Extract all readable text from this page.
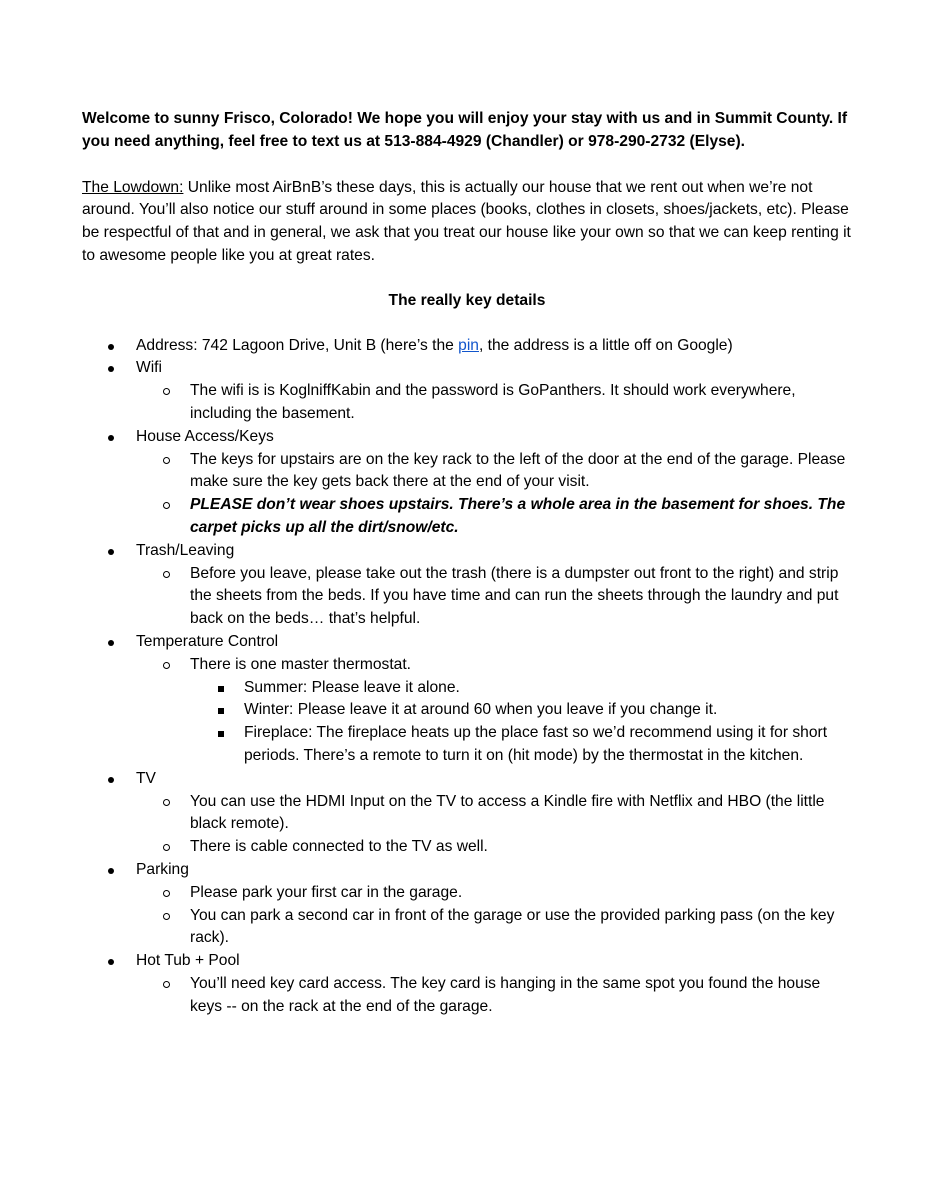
Welcome to sunny Frisco, Colorado! We hope you will enjoy your stay with us and in Summit County. If you need anything, feel free to text us at 513-884-4929 (Chandler) or 978-290-2732 (Elyse).

The Lowdown: Unlike most AirBnB’s these days, this is actually our house that we rent out when we’re not around. You’ll also notice our stuff around in some places (books, clothes in closets, shoes/jackets, etc). Please be respectful of that and in general, we ask that you treat our house like your own so that we can keep renting it to awesome people like you at great rates.

The really key details

Address: 742 Lagoon Drive, Unit B (here’s the pin, the address is a little off on Google)
Wifi
The wifi is is KoglniffKabin and the password is GoPanthers. It should work everywhere, including the basement.
House Access/Keys
The keys for upstairs are on the key rack to the left of the door at the end of the garage. Please make sure the key gets back there at the end of your visit.
PLEASE don’t wear shoes upstairs. There’s a whole area in the basement for shoes. The carpet picks up all the dirt/snow/etc.
Trash/Leaving
Before you leave, please take out the trash (there is a dumpster out front to the right) and strip the sheets from the beds. If you have time and can run the sheets through the laundry and put back on the beds… that’s helpful.
Temperature Control
There is one master thermostat.
Summer: Please leave it alone.
Winter: Please leave it at around 60 when you leave if you change it.
Fireplace: The fireplace heats up the place fast so we’d recommend using it for short periods. There’s a remote to turn it on (hit mode) by the thermostat in the kitchen.
TV
You can use the HDMI Input on the TV to access a Kindle fire with Netflix and HBO (the little black remote).
There is cable connected to the TV as well.
Parking
Please park your first car in the garage.
You can park a second car in front of the garage or use the provided parking pass (on the key rack).
Hot Tub + Pool
You’ll need key card access. The key card is hanging in the same spot you found the house keys -- on the rack at the end of the garage.
